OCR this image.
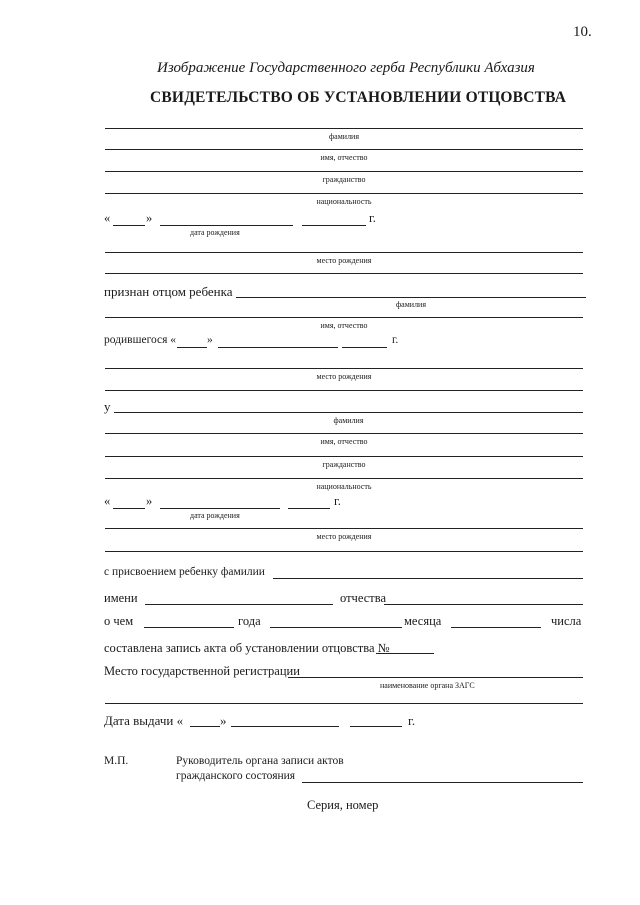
10.
Изображение Государственного герба Республики Абхазия
СВИДЕТЕЛЬСТВО ОБ УСТАНОВЛЕНИИ ОТЦОВСТВА
фамилия
имя, отчество
гражданство
национальность
«	»	г.
дата рождения
место рождения
признан отцом ребенка
фамилия
имя, отчество
родившегося «	»	г.
место рождения
у
фамилия
имя, отчество
гражданство
национальность
«	»	г.
дата рождения
место рождения
с присвоением ребенку фамилии
имени	отчества
о чем	года	месяца	числа
составлена запись акта об установлении отцовства №
Место государственной регистрации
наименование органа ЗАГС
Дата выдачи «	»	г.
М.П.	Руководитель органа записи актов
гражданского состояния
Серия, номер
